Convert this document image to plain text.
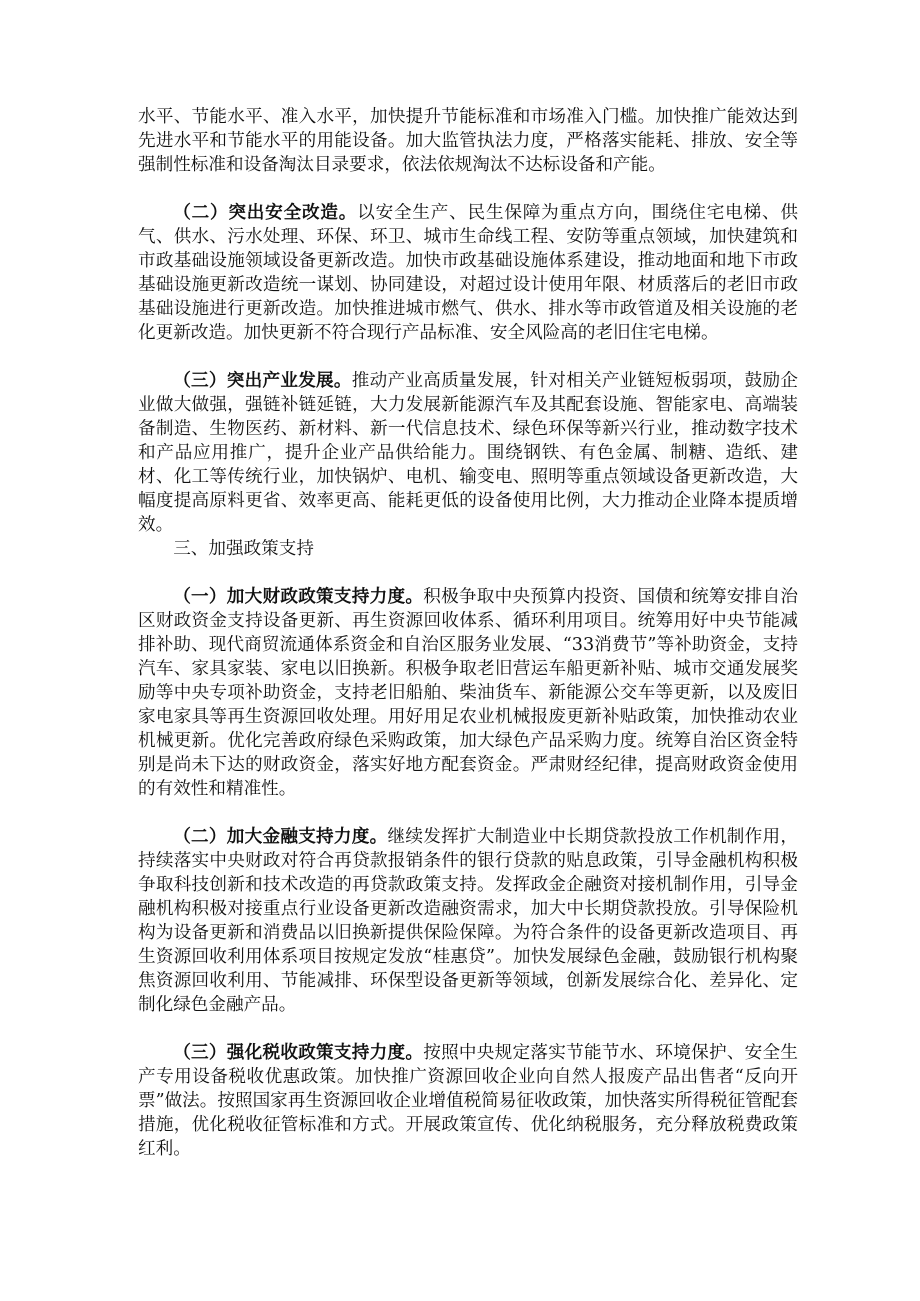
水平、节能水平、准入水平，加快提升节能标准和市场准入门槛。加快推广能效达到先进水平和节能水平的用能设备。加大监管执法力度，严格落实能耗、排放、安全等强制性标准和设备淘汰目录要求，依法依规淘汰不达标设备和产能。

（二）突出安全改造。以安全生产、民生保障为重点方向，围绕住宅电梯、供气、供水、污水处理、环保、环卫、城市生命线工程、安防等重点领域，加快建筑和市政基础设施领域设备更新改造。加快市政基础设施体系建设，推动地面和地下市政基础设施更新改造统一谋划、协同建设，对超过设计使用年限、材质落后的老旧市政基础设施进行更新改造。加快推进城市燃气、供水、排水等市政管道及相关设施的老化更新改造。加快更新不符合现行产品标准、安全风险高的老旧住宅电梯。

（三）突出产业发展。推动产业高质量发展，针对相关产业链短板弱项，鼓励企业做大做强，强链补链延链，大力发展新能源汽车及其配套设施、智能家电、高端装备制造、生物医药、新材料、新一代信息技术、绿色环保等新兴行业，推动数字技术和产品应用推广，提升企业产品供给能力。围绕钢铁、有色金属、制糖、造纸、建材、化工等传统行业，加快锅炉、电机、输变电、照明等重点领域设备更新改造，大幅度提高原料更省、效率更高、能耗更低的设备使用比例，大力推动企业降本提质增效。

三、加强政策支持

（一）加大财政政策支持力度。积极争取中央预算内投资、国债和统筹安排自治区财政资金支持设备更新、再生资源回收体系、循环利用项目。统筹用好中央节能减排补助、现代商贸流通体系资金和自治区服务业发展、“33消费节”等补助资金，支持汽车、家具家装、家电以旧换新。积极争取老旧营运车船更新补贴、城市交通发展奖励等中央专项补助资金，支持老旧船舶、柴油货车、新能源公交车等更新，以及废旧家电家具等再生资源回收处理。用好用足农业机械报废更新补贴政策，加快推动农业机械更新。优化完善政府绿色采购政策，加大绿色产品采购力度。统筹自治区资金特别是尚未下达的财政资金，落实好地方配套资金。严肃财经纪律，提高财政资金使用的有效性和精准性。

（二）加大金融支持力度。继续发挥扩大制造业中长期贷款投放工作机制作用，持续落实中央财政对符合再贷款报销条件的银行贷款的贴息政策，引导金融机构积极争取科技创新和技术改造的再贷款政策支持。发挥政金企融资对接机制作用，引导金融机构积极对接重点行业设备更新改造融资需求，加大中长期贷款投放。引导保险机构为设备更新和消费品以旧换新提供保险保障。为符合条件的设备更新改造项目、再生资源回收利用体系项目按规定发放“桂惠贷”。加快发展绿色金融，鼓励银行机构聚焦资源回收利用、节能减排、环保型设备更新等领域，创新发展综合化、差异化、定制化绿色金融产品。

（三）强化税收政策支持力度。按照中央规定落实节能节水、环境保护、安全生产专用设备税收优惠政策。加快推广资源回收企业向自然人报废产品出售者“反向开票”做法。按照国家再生资源回收企业增值税简易征收政策，加快落实所得税征管配套措施，优化税收征管标准和方式。开展政策宣传、优化纳税服务，充分释放税费政策红利。
